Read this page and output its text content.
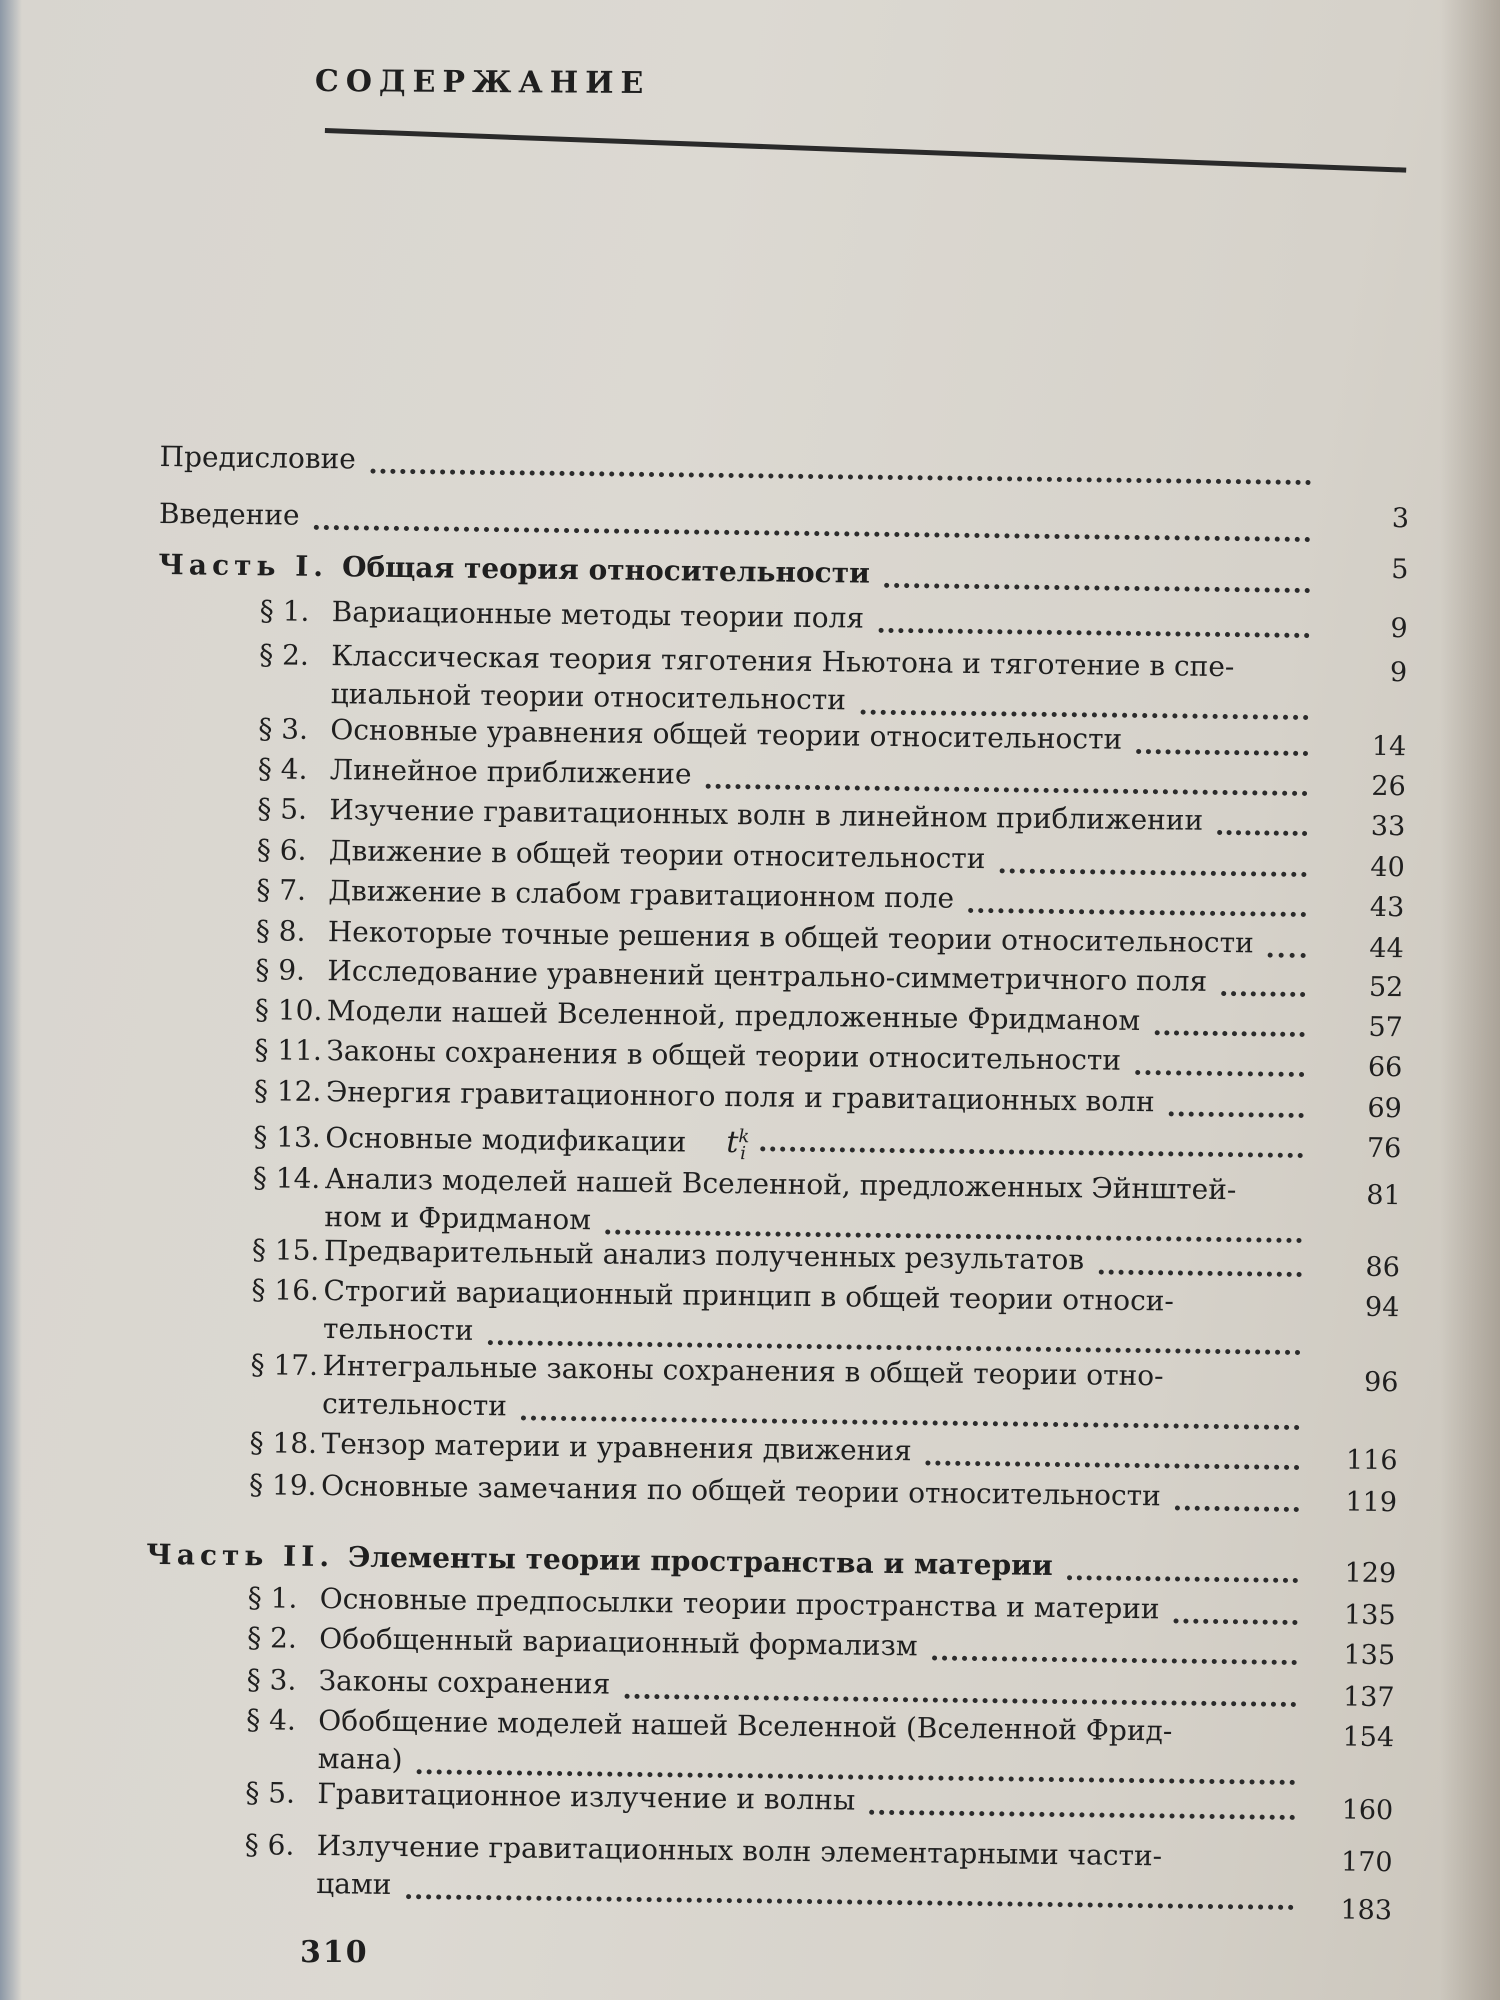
СОДЕРЖАНИЕ
Предисловие
Введение
Часть I. Общая теория относительности
§ 1. Вариационные методы теории поля
§ 2. Классическая теория тяготения Ньютона и тяготение в спе-
циальной теории относительности
§ 3. Основные уравнения общей теории относительности
§ 4. Линейное приближение
§ 5. Изучение гравитационных волн в линейном приближении
§ 6. Движение в общей теории относительности
§ 7. Движение в слабом гравитационном поле
§ 8. Некоторые точные решения в общей теории относительности
§ 9. Исследование уравнений центрально-симметричного поля
§ 10. Модели нашей Вселенной, предложенные Фридманом
§ 11. Законы сохранения в общей теории относительности
§ 12. Энергия гравитационного поля и гравитационных волн
§ 13. Основные модификации $t^k_i$
§ 14. Анализ моделей нашей Вселенной, предложенных Эйнштей-
ном и Фридманом
§ 15. Предварительный анализ полученных результатов
§ 16. Строгий вариационный принцип в общей теории относи-
тельности
§ 17. Интегральные законы сохранения в общей теории отно-
сительности
§ 18. Тензор материи и уравнения движения
§ 19. Основные замечания по общей теории относительности
Часть II. Элементы теории пространства и материи
§ 1. Основные предпосылки теории пространства и материи
§ 2. Обобщенный вариационный формализм
§ 3. Законы сохранения
§ 4. Обобщение моделей нашей Вселенной (Вселенной Фрид-
мана)
§ 5. Гравитационное излучение и волны
§ 6. Излучение гравитационных волн элементарными части-
цами
3
5
9
9
14
26
33
40
43
44
52
57
66
69
76
81
86
94
96
116
119
129
135
135
137
154
160
170
183
310
